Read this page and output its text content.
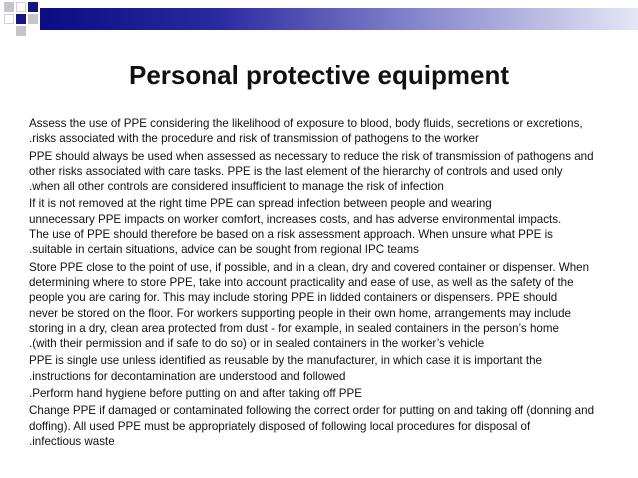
Personal protective equipment
Assess the use of PPE considering the likelihood of exposure to blood, body fluids, secretions or excretions,
.risks associated with the procedure and risk of transmission of pathogens to the worker
PPE should always be used when assessed as necessary to reduce the risk of transmission of pathogens and
other risks associated with care tasks. PPE is the last element of the hierarchy of controls and used only
.when all other controls are considered insufficient to manage the risk of infection
If it is not removed at the right time PPE can spread infection between people and wearing
unnecessary PPE impacts on worker comfort, increases costs, and has adverse environmental impacts.
The use of PPE should therefore be based on a risk assessment approach. When unsure what PPE is
.suitable in certain situations, advice can be sought from regional IPC teams
Store PPE close to the point of use, if possible, and in a clean, dry and covered container or dispenser. When
determining where to store PPE, take into account practicality and ease of use, as well as the safety of the
people you are caring for. This may include storing PPE in lidded containers or dispensers. PPE should
never be stored on the floor. For workers supporting people in their own home, arrangements may include
storing in a dry, clean area protected from dust - for example, in sealed containers in the person’s home
.(with their permission and if safe to do so) or in sealed containers in the worker’s vehicle
PPE is single use unless identified as reusable by the manufacturer, in which case it is important the
.instructions for decontamination are understood and followed
.Perform hand hygiene before putting on and after taking off PPE
Change PPE if damaged or contaminated following the correct order for putting on and taking off (donning and
doffing). All used PPE must be appropriately disposed of following local procedures for disposal of
.infectious waste
